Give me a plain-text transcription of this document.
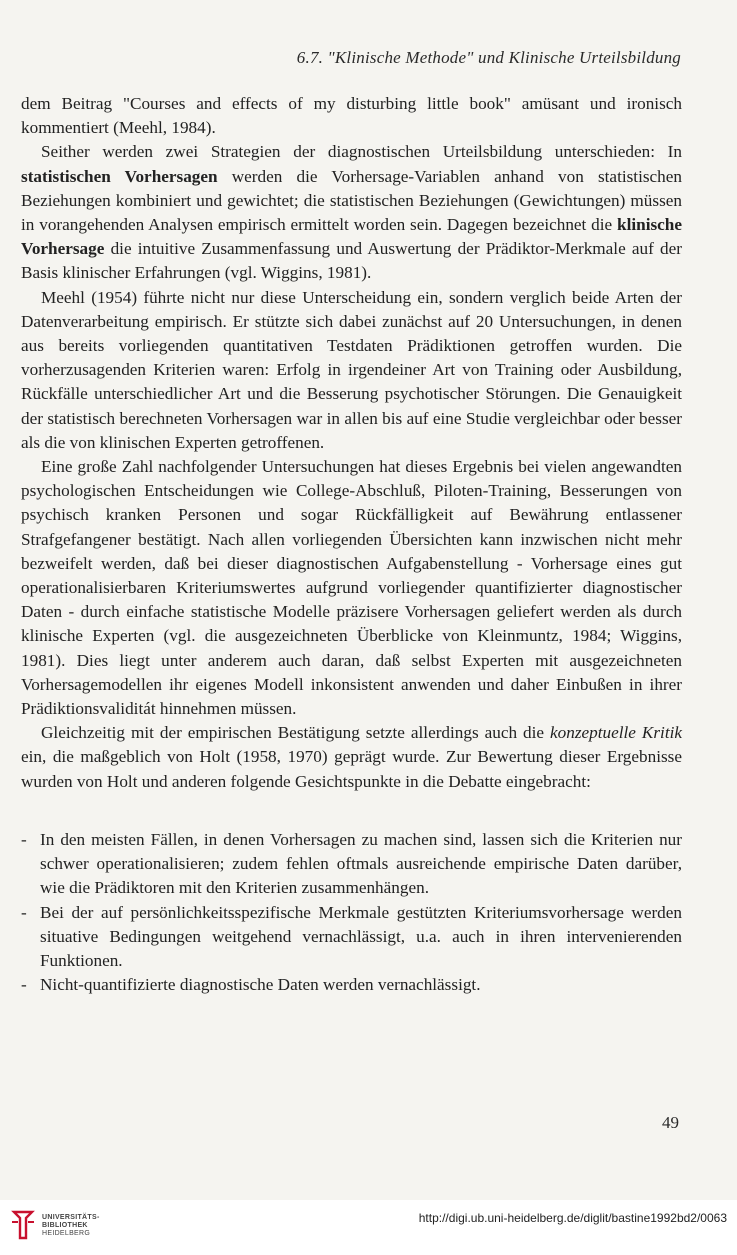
6.7. "Klinische Methode" und Klinische Urteilsbildung

dem Beitrag "Courses and effects of my disturbing little book" amüsant und ironisch kommentiert (Meehl, 1984).

Seither werden zwei Strategien der diagnostischen Urteilsbildung unterschieden: In statistischen Vorhersagen werden die Vorhersage-Variablen anhand von statistischen Beziehungen kombiniert und gewichtet; die statistischen Beziehungen (Gewichtungen) müssen in vorangehenden Analysen empirisch ermittelt worden sein. Dagegen bezeichnet die klinische Vorhersage die intuitive Zusammenfassung und Auswertung der Prädiktor-Merkmale auf der Basis klinischer Erfahrungen (vgl. Wiggins, 1981).

Meehl (1954) führte nicht nur diese Unterscheidung ein, sondern verglich beide Arten der Datenverarbeitung empirisch. Er stützte sich dabei zunächst auf 20 Untersuchungen, in denen aus bereits vorliegenden quantitativen Testdaten Prädiktionen getroffen wurden. Die vorherzusagenden Kriterien waren: Erfolg in irgendeiner Art von Training oder Ausbildung, Rückfälle unterschiedlicher Art und die Besserung psychotischer Störungen. Die Genauigkeit der statistisch berechneten Vorhersagen war in allen bis auf eine Studie vergleichbar oder besser als die von klinischen Experten getroffenen.

Eine große Zahl nachfolgender Untersuchungen hat dieses Ergebnis bei vielen angewandten psychologischen Entscheidungen wie College-Abschluß, Piloten-Training, Besserungen von psychisch kranken Personen und sogar Rückfälligkeit auf Bewährung entlassener Strafgefangener bestätigt. Nach allen vorliegenden Übersichten kann inzwischen nicht mehr bezweifelt werden, daß bei dieser diagnostischen Aufgabenstellung - Vorhersage eines gut operationalisierbaren Kriteriumswertes aufgrund vorliegender quantifizierter diagnostischer Daten - durch einfache statistische Modelle präzisere Vorhersagen geliefert werden als durch klinische Experten (vgl. die ausgezeichneten Überblicke von Kleinmuntz, 1984; Wiggins, 1981). Dies liegt unter anderem auch daran, daß selbst Experten mit ausgezeichneten Vorhersagemodellen ihr eigenes Modell inkonsistent anwenden und daher Einbußen in ihrer Prädiktionsvaliditát hinnehmen müssen.

Gleichzeitig mit der empirischen Bestätigung setzte allerdings auch die konzeptuelle Kritik ein, die maßgeblich von Holt (1958, 1970) geprägt wurde. Zur Bewertung dieser Ergebnisse wurden von Holt und anderen folgende Gesichtspunkte in die Debatte eingebracht:

- In den meisten Fällen, in denen Vorhersagen zu machen sind, lassen sich die Kriterien nur schwer operationalisieren; zudem fehlen oftmals ausreichende empirische Daten darüber, wie die Prädiktoren mit den Kriterien zusammenhängen.
- Bei der auf persönlichkeitsspezifische Merkmale gestützten Kriteriumsvorhersage werden situative Bedingungen weitgehend vernachlässigt, u.a. auch in ihren intervenierenden Funktionen.
- Nicht-quantifizierte diagnostische Daten werden vernachlässigt.
49
UNIVERSITÄTS-
BIBLIOTHEK
HEIDELBERG
http://digi.ub.uni-heidelberg.de/diglit/bastine1992bd2/0063
